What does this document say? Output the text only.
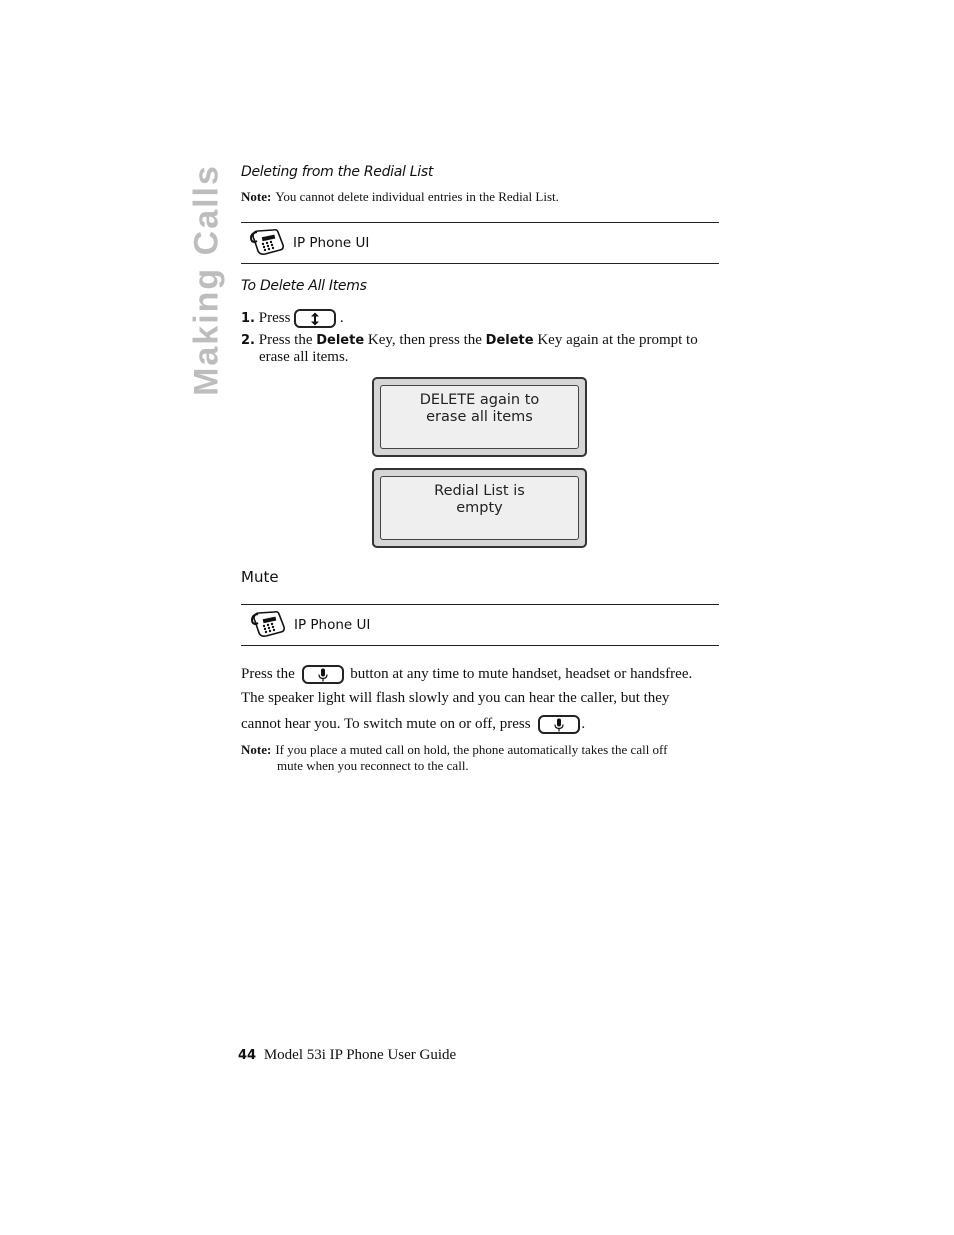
Making Calls Deleting from the Redial List
Note: You cannot delete individual entries in the Redial List.
IP Phone UI
To Delete All Items
1. Press	.
2. Press the Delete Key, then press the Delete Key again at the prompt to
erase all items.
DELETE again to
erase all items
Redial List is
empty
Mute
IP Phone UI
Press the	button at any time to mute handset, headset or handsfree.
The speaker light will flash slowly and you can hear the caller, but they
cannot hear you. To switch mute on or off, press	.
Note: If you place a muted call on hold, the phone automatically takes the call off
mute when you reconnect to the call.
44 Model 53i IP Phone User Guide
